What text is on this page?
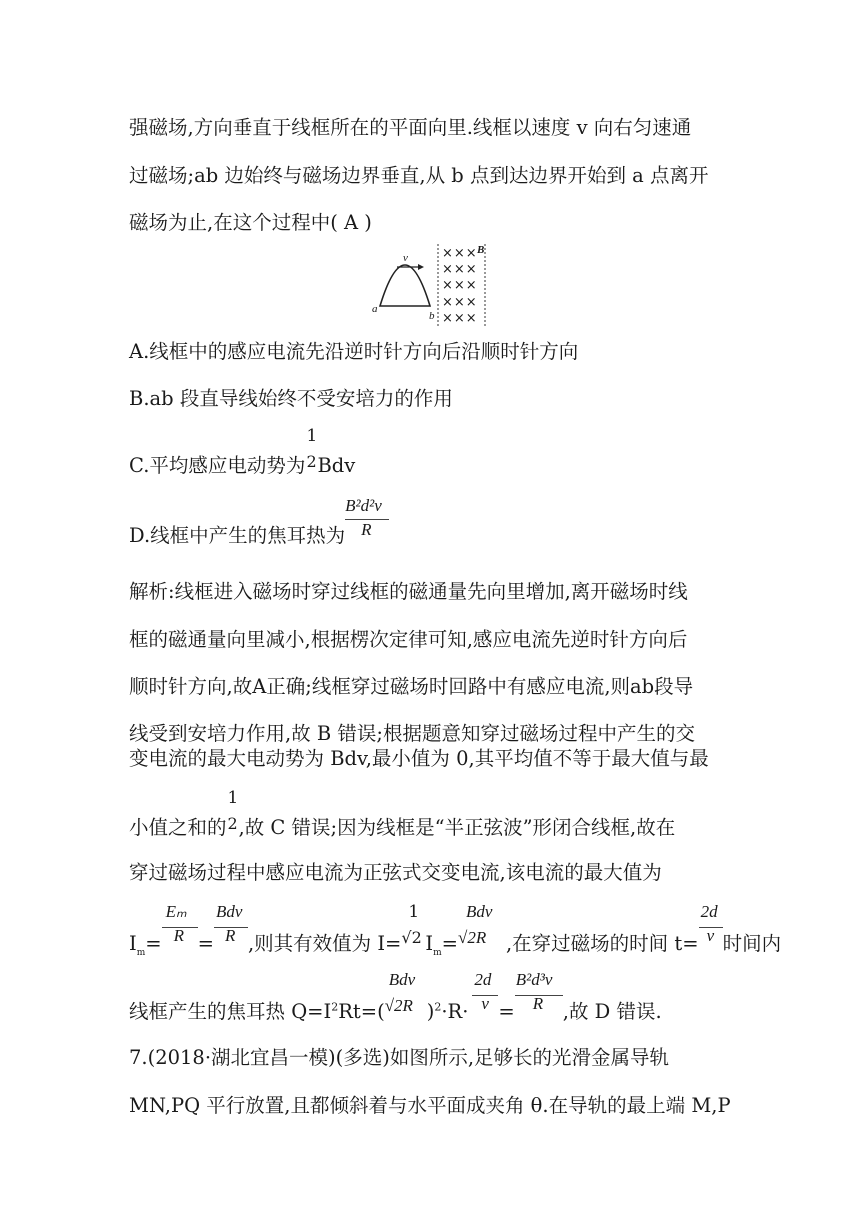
强磁场,方向垂直于线框所在的平面向里.线框以速度 v 向右匀速通
过磁场;ab 边始终与磁场边界垂直,从 b 点到达边界开始到 a 点离开
磁场为止,在这个过程中( A )
v
a
b
B
×××
×××
×××
×××
×××
A.线框中的感应电流先沿逆时针方向后沿顺时针方向
B.ab 段直导线始终不受安培力的作用
C.平均感应电动势为
1
2 Bdv
D.线框中产生的焦耳热为 $\frac{\text{B²d²v}}{R}$
解析:线框进入磁场时穿过线框的磁通量先向里增加,离开磁场时线
框的磁通量向里减小,根据楞次定律可知,感应电流先逆时针方向后
顺时针方向,故A正确;线框穿过磁场时回路中有感应电流,则ab段导
线受到安培力作用,故 B 错误;根据题意知穿过磁场过程中产生的交
变电流的最大电动势为 Bdv,最小值为 0,其平均值不等于最大值与最
小值之和的
1
2 ,故 C 错误;因为线框是“半正弦波”形闭合线框,故在
穿过磁场过程中感应电流为正弦式交变电流,该电流的最大值为
$I_m= \frac{\text{Eₘ}}{R} = \frac{\text{Bdv}}{R}$ ,则其有效值为 I=
1
√2 $I_m=$
Bdv
√2R ,在穿过磁场的时间 $t= \frac{2d}{v}$ 时间内
线框产生的焦耳热 $Q=I^2Rt=$(
Bdv
√2R )$^2\cdot R\cdot \frac{2d}{v} = \frac{\text{B²d³v}}{R}$ ,故 D 错误.
7.(2018·湖北宜昌一模)(多选)如图所示,足够长的光滑金属导轨
MN,PQ 平行放置,且都倾斜着与水平面成夹角 θ.在导轨的最上端 M,P
